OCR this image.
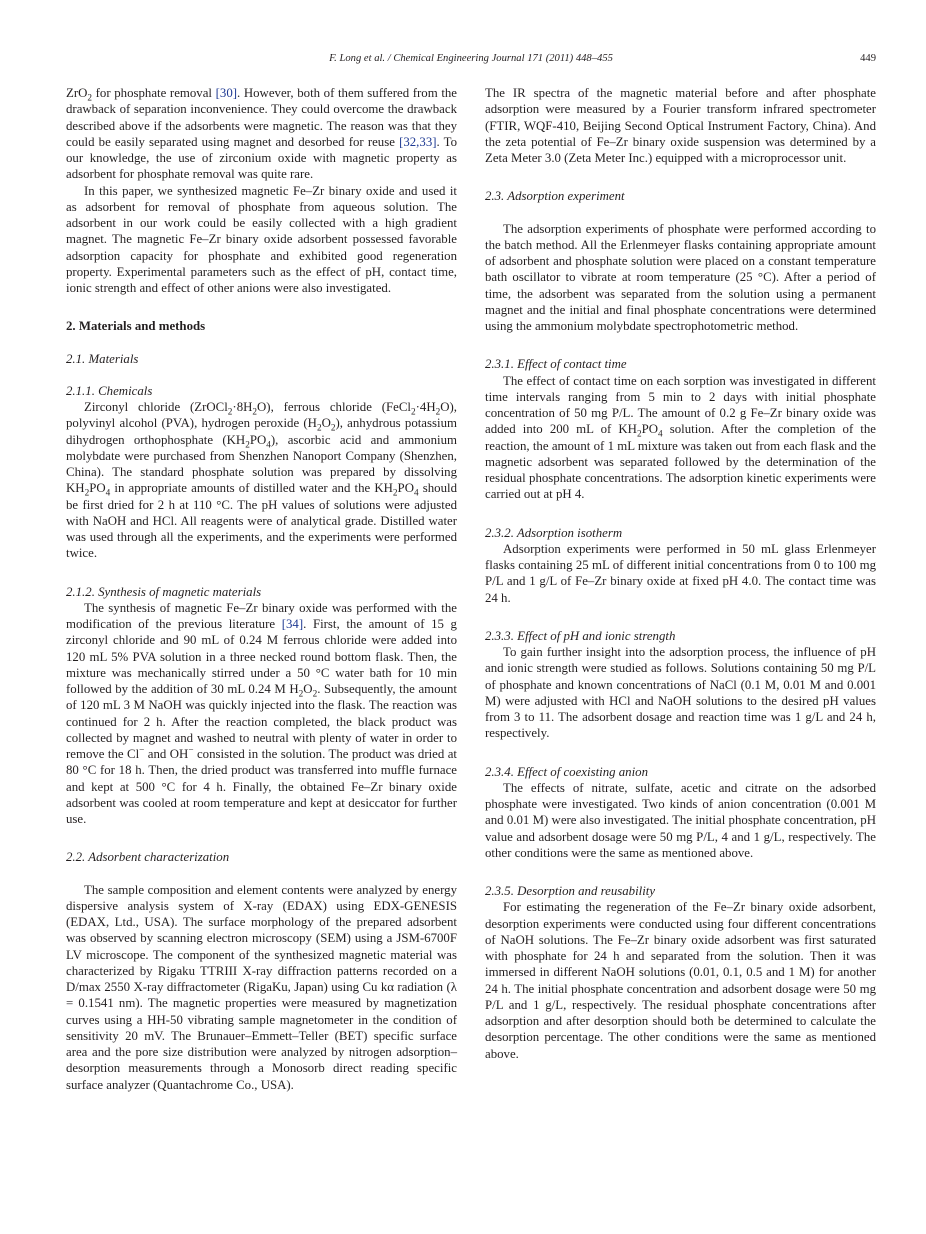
F. Long et al. / Chemical Engineering Journal 171 (2011) 448–455	449

ZrO$_2$ for phosphate removal [30]. However, both of them suffered from the drawback of separation inconvenience. They could overcome the drawback described above if the adsorbents were magnetic. The reason was that they could be easily separated using magnet and desorbed for reuse [32,33]. To our knowledge, the use of zirconium oxide with magnetic property as adsorbent for phosphate removal was quite rare.

In this paper, we synthesized magnetic Fe–Zr binary oxide and used it as adsorbent for removal of phosphate from aqueous solution. The adsorbent in our work could be easily collected with a high gradient magnet. The magnetic Fe–Zr binary oxide adsorbent possessed favorable adsorption capacity for phosphate and exhibited good regeneration property. Experimental parameters such as the effect of pH, contact time, ionic strength and effect of other anions were also investigated.

2. Materials and methods

2.1. Materials

2.1.1. Chemicals

Zirconyl chloride $(ZrOCl_2\cdot 8H_2O)$, ferrous chloride $(FeCl_2\cdot 4H_2O)$, polyvinyl alcohol (PVA), hydrogen peroxide $(H_2O_2)$, anhydrous potassium dihydrogen orthophosphate $(KH_2PO_4)$, ascorbic acid and ammonium molybdate were purchased from Shenzhen Nanoport Company (Shenzhen, China). The standard phosphate solution was prepared by dissolving $KH_2PO_4$ in appropriate amounts of distilled water and the $KH_2PO_4$ should be first dried for 2 h at 110 °C. The pH values of solutions were adjusted with NaOH and HCl. All reagents were of analytical grade. Distilled water was used through all the experiments, and the experiments were performed twice.

2.1.2. Synthesis of magnetic materials

The synthesis of magnetic Fe–Zr binary oxide was performed with the modification of the previous literature [34]. First, the amount of 15 g zirconyl chloride and 90 mL of 0.24 M ferrous chloride were added into 120 mL 5% PVA solution in a three necked round bottom flask. Then, the mixture was mechanically stirred under a 50 °C water bath for 10 min followed by the addition of 30 mL 0.24 M $H_2O_2$. Subsequently, the amount of 120 mL 3 M NaOH was quickly injected into the flask. The reaction was continued for 2 h. After the reaction completed, the black product was collected by magnet and washed to neutral with plenty of water in order to remove the Cl− and OH− consisted in the solution. The product was dried at 80 °C for 18 h. Then, the dried product was transferred into muffle furnace and kept at 500 °C for 4 h. Finally, the obtained Fe–Zr binary oxide adsorbent was cooled at room temperature and kept at desiccator for further use.

2.2. Adsorbent characterization

The sample composition and element contents were analyzed by energy dispersive analysis system of X-ray (EDAX) using EDX-GENESIS (EDAX, Ltd., USA). The surface morphology of the prepared adsorbent was observed by scanning electron microscopy (SEM) using a JSM-6700F LV microscope. The component of the synthesized magnetic material was characterized by Rigaku TTRIII X-ray diffraction patterns recorded on a D/max 2550 X-ray diffractometer (RigaKu, Japan) using Cu kα radiation (λ = 0.1541 nm). The magnetic properties were measured by magnetization curves using a HH-50 vibrating sample magnetometer in the condition of sensitivity 20 mV. The Brunauer–Emmett–Teller (BET) specific surface area and the pore size distribution were analyzed by nitrogen adsorption–desorption measurements through a Monosorb direct reading specific surface analyzer (Quantachrome Co., USA).

The IR spectra of the magnetic material before and after phosphate adsorption were measured by a Fourier transform infrared spectrometer (FTIR, WQF-410, Beijing Second Optical Instrument Factory, China). And the zeta potential of Fe–Zr binary oxide suspension was determined by a Zeta Meter 3.0 (Zeta Meter Inc.) equipped with a microprocessor unit.

2.3. Adsorption experiment

The adsorption experiments of phosphate were performed according to the batch method. All the Erlenmeyer flasks containing appropriate amount of adsorbent and phosphate solution were placed on a constant temperature bath oscillator to vibrate at room temperature (25 °C). After a period of time, the adsorbent was separated from the solution using a permanent magnet and the initial and final phosphate concentrations were determined using the ammonium molybdate spectrophotometric method.

2.3.1. Effect of contact time

The effect of contact time on each sorption was investigated in different time intervals ranging from 5 min to 2 days with initial phosphate concentration of 50 mg P/L. The amount of 0.2 g Fe–Zr binary oxide was added into 200 mL of $KH_2PO_4$ solution. After the completion of the reaction, the amount of 1 mL mixture was taken out from each flask and the magnetic adsorbent was separated followed by the determination of the residual phosphate concentrations. The adsorption kinetic experiments were carried out at pH 4.

2.3.2. Adsorption isotherm

Adsorption experiments were performed in 50 mL glass Erlenmeyer flasks containing 25 mL of different initial concentrations from 0 to 100 mg P/L and 1 g/L of Fe–Zr binary oxide at fixed pH 4.0. The contact time was 24 h.

2.3.3. Effect of pH and ionic strength

To gain further insight into the adsorption process, the influence of pH and ionic strength were studied as follows. Solutions containing 50 mg P/L of phosphate and known concentrations of NaCl (0.1 M, 0.01 M and 0.001 M) were adjusted with HCl and NaOH solutions to the desired pH values from 3 to 11. The adsorbent dosage and reaction time was 1 g/L and 24 h, respectively.

2.3.4. Effect of coexisting anion

The effects of nitrate, sulfate, acetic and citrate on the adsorbed phosphate were investigated. Two kinds of anion concentration (0.001 M and 0.01 M) were also investigated. The initial phosphate concentration, pH value and adsorbent dosage were 50 mg P/L, 4 and 1 g/L, respectively. The other conditions were the same as mentioned above.

2.3.5. Desorption and reusability

For estimating the regeneration of the Fe–Zr binary oxide adsorbent, desorption experiments were conducted using four different concentrations of NaOH solutions. The Fe–Zr binary oxide adsorbent was first saturated with phosphate for 24 h and separated from the solution. Then it was immersed in different NaOH solutions (0.01, 0.1, 0.5 and 1 M) for another 24 h. The initial phosphate concentration and adsorbent dosage were 50 mg P/L and 1 g/L, respectively. The residual phosphate concentrations after adsorption and after desorption should both be determined to calculate the desorption percentage. The other conditions were the same as mentioned above.
